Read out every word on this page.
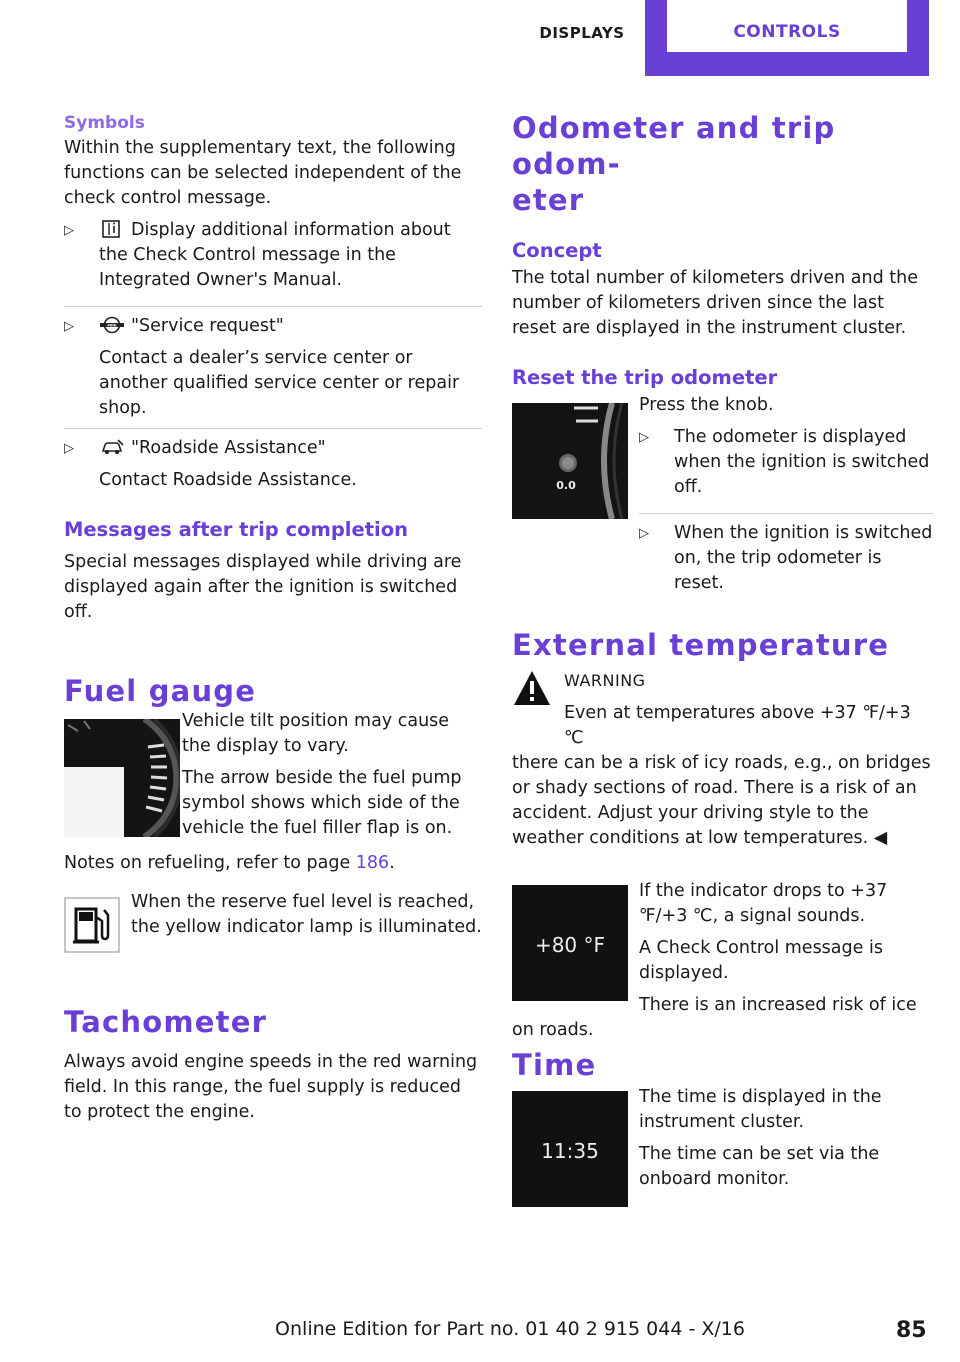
DISPLAYS	CONTROLS
Symbols

Within the supplementary text, the following functions can be selected independent of the check control message.

▷	Display additional information about the Check Control message in the Integrated Owner's Manual.
▷	MINI "Service request"

Contact a dealer’s service center or another qualified service center or repair shop.

▷	"Roadside Assistance"

Contact Roadside Assistance.

Messages after trip completion

Special messages displayed while driving are displayed again after the ignition is switched off.

Fuel gauge

Vehicle tilt position may cause the display to vary.

The arrow beside the fuel pump symbol shows which side of the vehicle the fuel filler flap is on.

Notes on refueling, refer to page 186.

When the reserve fuel level is reached, the yellow indicator lamp is illuminated.

Tachometer

Always avoid engine speeds in the red warning field. In this range, the fuel supply is reduced to protect the engine.

Odometer and trip odom‐
eter
Concept

The total number of kilometers driven and the number of kilometers driven since the last reset are displayed in the instrument cluster.

Reset the trip odometer
0.0

Press the knob.

▷ The odometer is displayed when the ignition is switched off.
▷ When the ignition is switched on, the trip odometer is reset.
External temperature
WARNING

Even at temperatures above +37 ℉/+3 ℃

there can be a risk of icy roads, e.g., on bridges or shady sections of road. There is a risk of an accident. Adjust your driving style to the weather conditions at low temperatures. ◀

+80 °F

If the indicator drops to +37 ℉/+3 ℃, a signal sounds.

A Check Control message is displayed.

There is an increased risk of ice on roads.

Time
11:35

The time is displayed in the instrument cluster.

The time can be set via the onboard monitor.

Online Edition for Part no. 01 40 2 915 044 - X/16	85
